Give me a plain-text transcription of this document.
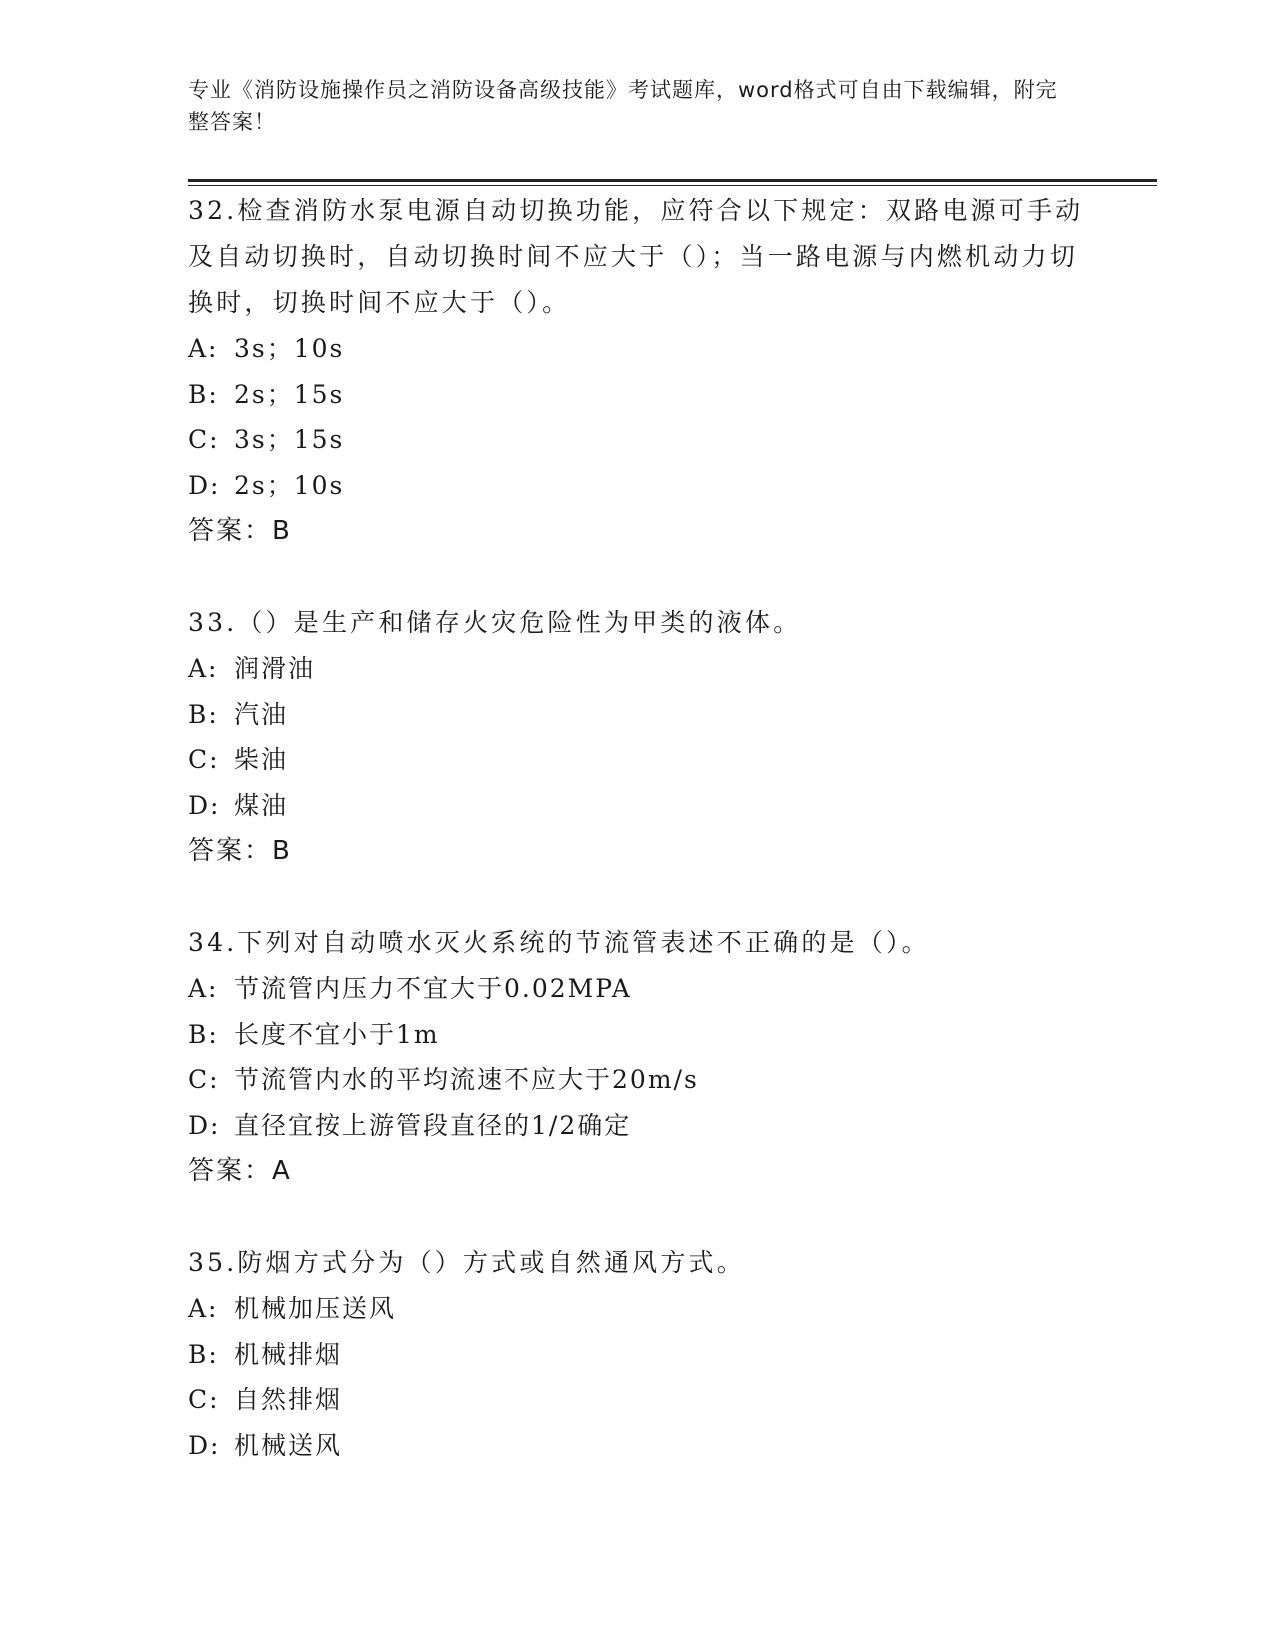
专业《消防设施操作员之消防设备高级技能》考试题库，word格式可自由下载编辑，附完整答案！

32.检查消防水泵电源自动切换功能，应符合以下规定：双路电源可手动及自动切换时，自动切换时间不应大于（）；当一路电源与内燃机动力切换时，切换时间不应大于（）。

A: 3s；10s

B: 2s；15s

C: 3s；15s

D: 2s；10s

答案：B

33.（）是生产和储存火灾危险性为甲类的液体。

A: 润滑油

B: 汽油

C: 柴油

D: 煤油

答案：B

34.下列对自动喷水灭火系统的节流管表述不正确的是（）。

A: 节流管内压力不宜大于0.02MPA

B: 长度不宜小于1m

C: 节流管内水的平均流速不应大于20m/s

D: 直径宜按上游管段直径的1/2确定

答案：A

35.防烟方式分为（）方式或自然通风方式。

A: 机械加压送风

B: 机械排烟

C: 自然排烟

D: 机械送风
